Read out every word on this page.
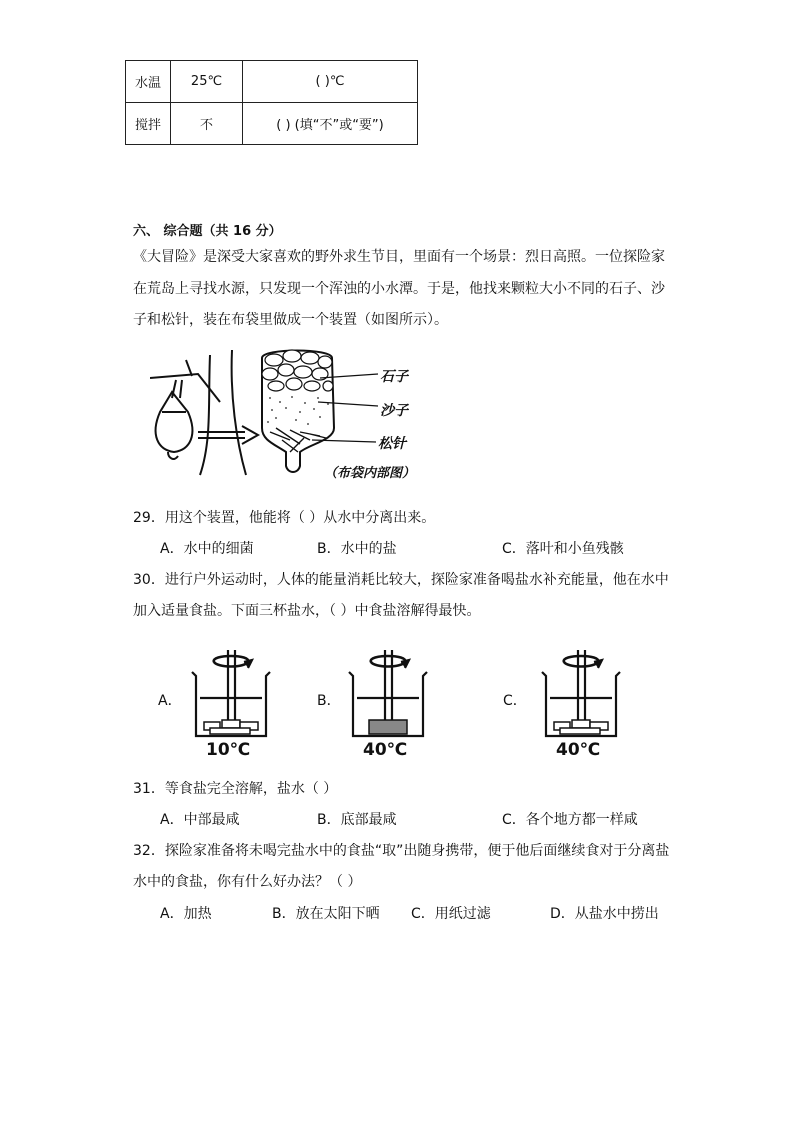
水温	25℃	( )℃
搅拌	不	( ) (填“不”或“要”)
六、 综合题（共 16 分）
《大冒险》是深受大家喜欢的野外求生节目，里面有一个场景：烈日高照。一位探险家
在荒岛上寻找水源，只发现一个浑浊的小水潭。于是，他找来颗粒大小不同的石子、沙
子和松针，装在布袋里做成一个装置（如图所示）。
石子
沙子
松针
（布袋内部图）
29．用这个装置，他能将（ ）从水中分离出来。
A．水中的细菌	B．水中的盐	C．落叶和小鱼残骸
30．进行户外运动时，人体的能量消耗比较大，探险家准备喝盐水补充能量，他在水中
加入适量食盐。下面三杯盐水，（ ）中食盐溶解得最快。
A．	B．	C．
10℃	40℃	40℃
31．等食盐完全溶解，盐水（ ）
A．中部最咸	B．底部最咸	C．各个地方都一样咸
32．探险家准备将未喝完盐水中的食盐“取”出随身携带，便于他后面继续食对于分离盐
水中的食盐，你有什么好办法？（ ）
A．加热	B．放在太阳下晒 C．用纸过滤	D．从盐水中捞出
